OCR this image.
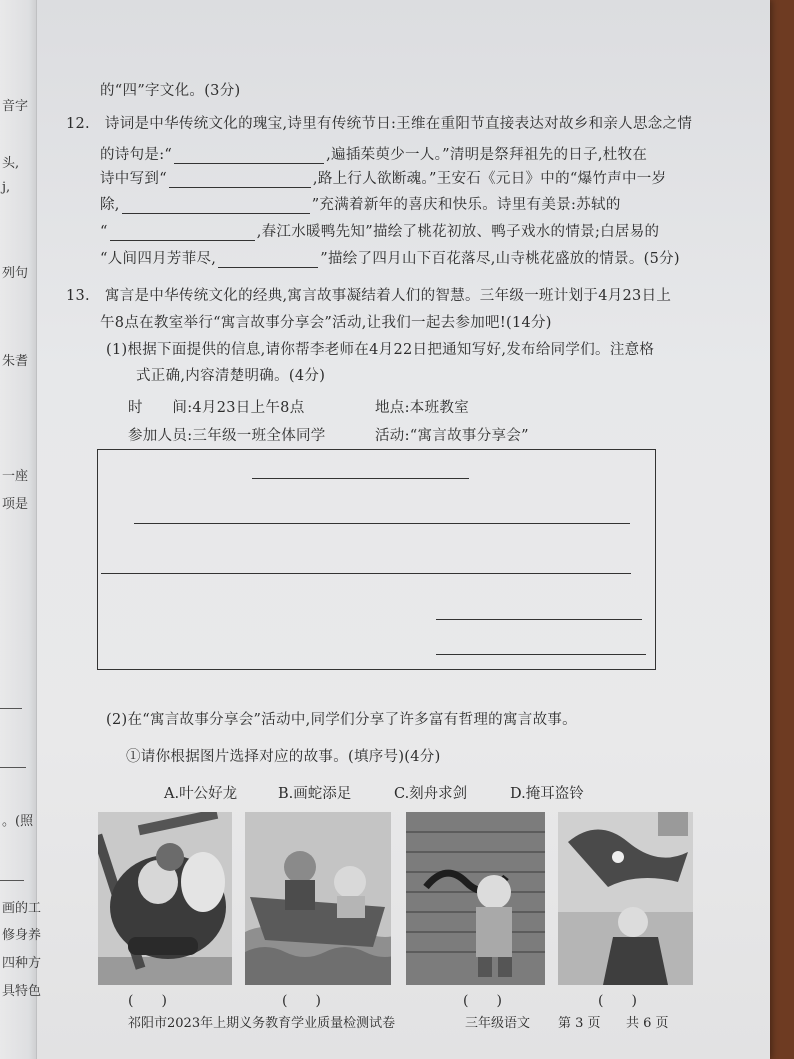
音字
头,
j,
列句
朱耆
一座
项是
。(照
画的工
修身养
四种方
具特色
的“四”字文化。(3分)
12. 诗词是中华传统文化的瑰宝,诗里有传统节日:王维在重阳节直接表达对故乡和亲人思念之情
的诗句是:“	,遍插茱萸少一人。”清明是祭拜祖先的日子,杜牧在
诗中写到“	,路上行人欲断魂。”王安石《元日》中的“爆竹声中一岁
除,	”充满着新年的喜庆和快乐。诗里有美景:苏轼的
“	,春江水暖鸭先知”描绘了桃花初放、鸭子戏水的情景;白居易的
“人间四月芳菲尽,	”描绘了四月山下百花落尽,山寺桃花盛放的情景。(5分)
13. 寓言是中华传统文化的经典,寓言故事凝结着人们的智慧。三年级一班计划于4月23日上
午8点在教室举行“寓言故事分享会”活动,让我们一起去参加吧!(14分)
(1)根据下面提供的信息,请你帮李老师在4月22日把通知写好,发布给同学们。注意格
式正确,内容清楚明确。(4分)
时　　间:4月23日上午8点	地点:本班教室
参加人员:三年级一班全体同学	活动:“寓言故事分享会”
(2)在“寓言故事分享会”活动中,同学们分享了许多富有哲理的寓言故事。
①请你根据图片选择对应的故事。(填序号)(4分)
A.叶公好龙	B.画蛇添足	C.刻舟求剑	D.掩耳盗铃
(　　)	(　　)	(　　)	(　　)
祁阳市2023年上期义务教育学业质量检测试卷	三年级语文 第 3 页 共 6 页
